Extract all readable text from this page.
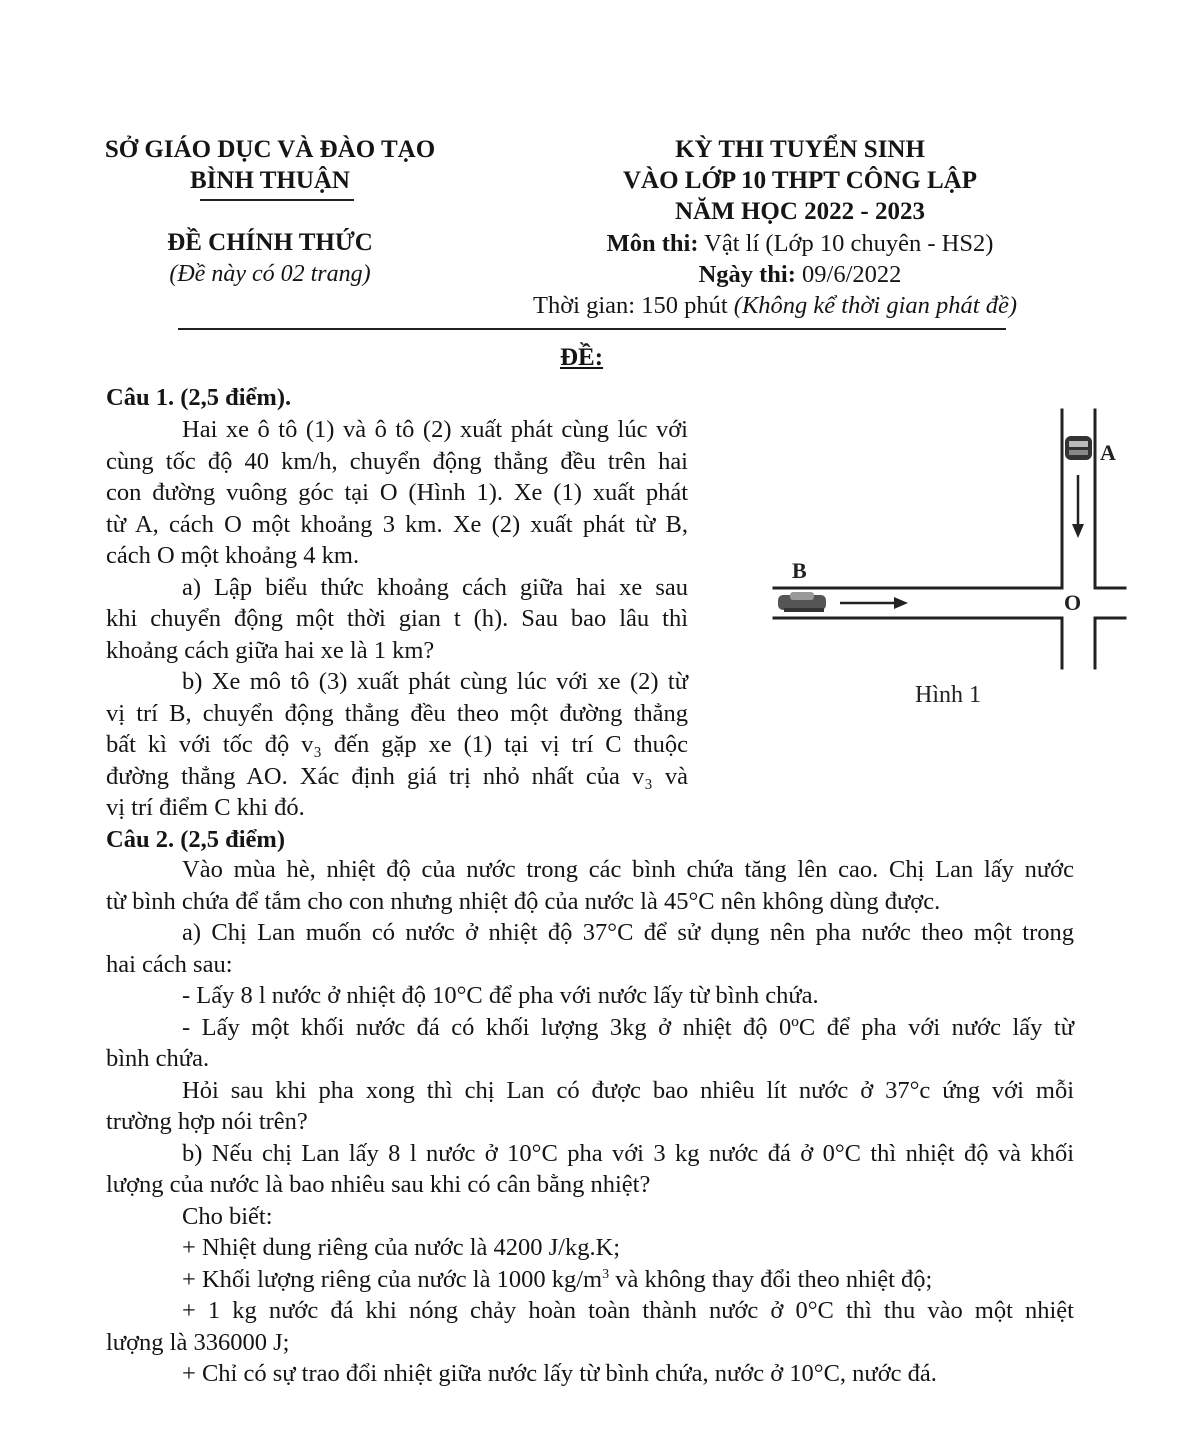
SỞ GIÁO DỤC VÀ ĐÀO TẠO
BÌNH THUẬN
ĐỀ CHÍNH THỨC
(Đề này có 02 trang)
KỲ THI TUYỂN SINH
VÀO LỚP 10 THPT CÔNG LẬP
NĂM HỌC 2022 - 2023
Môn thi: Vật lí (Lớp 10 chuyên - HS2)
Ngày thi: 09/6/2022
Thời gian: 150 phút (Không kể thời gian phát đề)
ĐỀ:
Câu 1. (2,5 điểm).
Hai xe ô tô (1) và ô tô (2) xuất phát cùng lúc với
cùng tốc độ 40 km/h, chuyển động thẳng đều trên hai
con đường vuông góc tại O (Hình 1). Xe (1) xuất phát
từ A, cách O một khoảng 3 km. Xe (2) xuất phát từ B,
cách O một khoảng 4 km.
a) Lập biểu thức khoảng cách giữa hai xe sau
khi chuyển động một thời gian t (h). Sau bao lâu thì
khoảng cách giữa hai xe là 1 km?
b) Xe mô tô (3) xuất phát cùng lúc với xe (2) từ
vị trí B, chuyển động thẳng đều theo một đường thẳng
bất kì với tốc độ v₃ đến gặp xe (1) tại vị trí C thuộc
đường thẳng AO. Xác định giá trị nhỏ nhất của v₃ và
vị trí điểm C khi đó.
A
B
O
Hình 1
Câu 2. (2,5 điểm)
Vào mùa hè, nhiệt độ của nước trong các bình chứa tăng lên cao. Chị Lan lấy nước
từ bình chứa để tắm cho con nhưng nhiệt độ của nước là 45°C nên không dùng được.
a) Chị Lan muốn có nước ở nhiệt độ 37°C để sử dụng nên pha nước theo một trong
hai cách sau:
- Lấy 8 l nước ở nhiệt độ 10°C để pha với nước lấy từ bình chứa.
- Lấy một khối nước đá có khối lượng 3kg ở nhiệt độ 0ºC để pha với nước lấy từ
bình chứa.
Hỏi sau khi pha xong thì chị Lan có được bao nhiêu lít nước ở 37°c ứng với mỗi
trường hợp nói trên?
b) Nếu chị Lan lấy 8 l nước ở 10°C pha với 3 kg nước đá ở 0°C thì nhiệt độ và khối
lượng của nước là bao nhiêu sau khi có cân bằng nhiệt?
Cho biết:
+ Nhiệt dung riêng của nước là 4200 J/kg.K;
+ Khối lượng riêng của nước là 1000 $kg/m^3$ và không thay đổi theo nhiệt độ;
+ 1 kg nước đá khi nóng chảy hoàn toàn thành nước ở 0°C thì thu vào một nhiệt
lượng là 336000 J;
+ Chỉ có sự trao đổi nhiệt giữa nước lấy từ bình chứa, nước ở 10°C, nước đá.
